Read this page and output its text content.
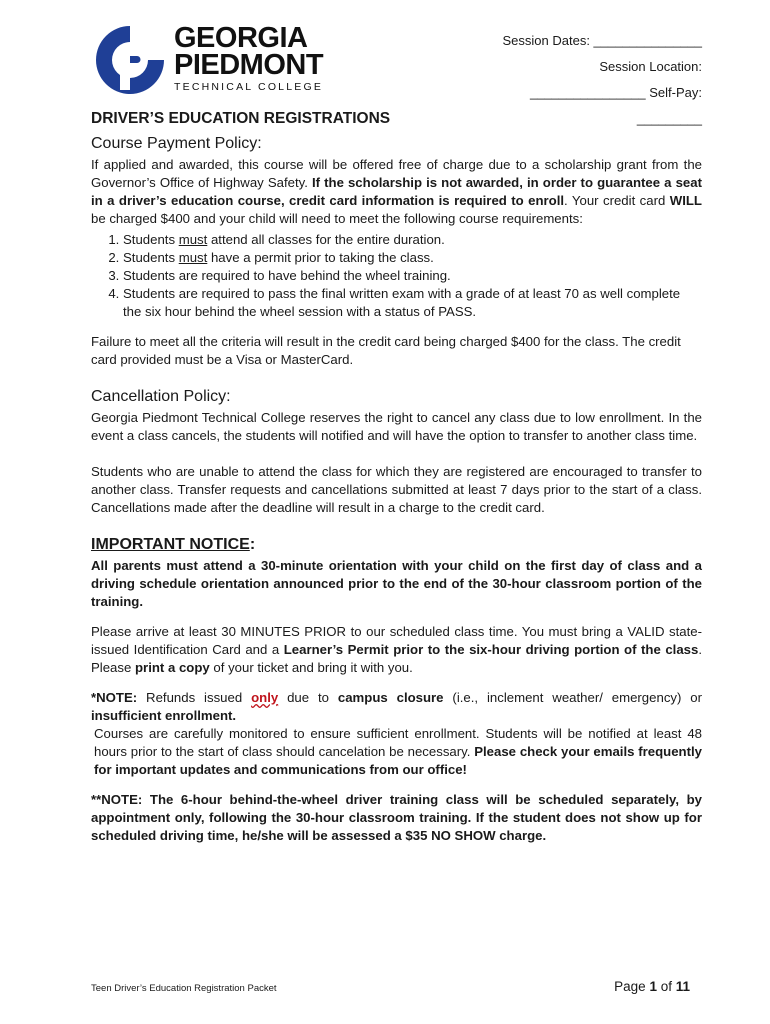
GEORGIA
PIEDMONT
TECHNICAL COLLEGE
Session Dates: _______________
Session Location:
________________ Self-Pay:
_________
DRIVER’S EDUCATION REGISTRATIONS
Course Payment Policy:

If applied and awarded, this course will be offered free of charge due to a scholarship grant from the Governor’s Office of Highway Safety. If the scholarship is not awarded, in order to guarantee a seat in a driver’s education course, credit card information is required to enroll. Your credit card WILL be charged $400 and your child will need to meet the following course requirements:

1. Students must attend all classes for the entire duration.
2. Students must have a permit prior to taking the class.
3. Students are required to have behind the wheel training.
4. Students are required to pass the final written exam with a grade of at least 70 as well complete the six hour behind the wheel session with a status of PASS.

Failure to meet all the criteria will result in the credit card being charged $400 for the class. The credit card provided must be a Visa or MasterCard.

Cancellation Policy:

Georgia Piedmont Technical College reserves the right to cancel any class due to low enrollment. In the event a class cancels, the students will notified and will have the option to transfer to another class time.

Students who are unable to attend the class for which they are registered are encouraged to transfer to another class. Transfer requests and cancellations submitted at least 7 days prior to the start of a class. Cancellations made after the deadline will result in a charge to the credit card.

IMPORTANT NOTICE:

All parents must attend a 30-minute orientation with your child on the first day of class and a driving schedule orientation announced prior to the end of the 30-hour classroom portion of the training.

Please arrive at least 30 MINUTES PRIOR to our scheduled class time. You must bring a VALID state-issued Identification Card and a Learner’s Permit prior to the six-hour driving portion of the class. Please print a copy of your ticket and bring it with you.

*NOTE: Refunds issued only due to campus closure (i.e., inclement weather/ emergency) or insufficient enrollment.

Courses are carefully monitored to ensure sufficient enrollment. Students will be notified at least 48 hours prior to the start of class should cancelation be necessary. Please check your emails frequently for important updates and communications from our office!

**NOTE: The 6-hour behind-the-wheel driver training class will be scheduled separately, by appointment only, following the 30-hour classroom training. If the student does not show up for scheduled driving time, he/she will be assessed a $35 NO SHOW charge.

Teen Driver’s Education Registration Packet	Page 1 of 11
